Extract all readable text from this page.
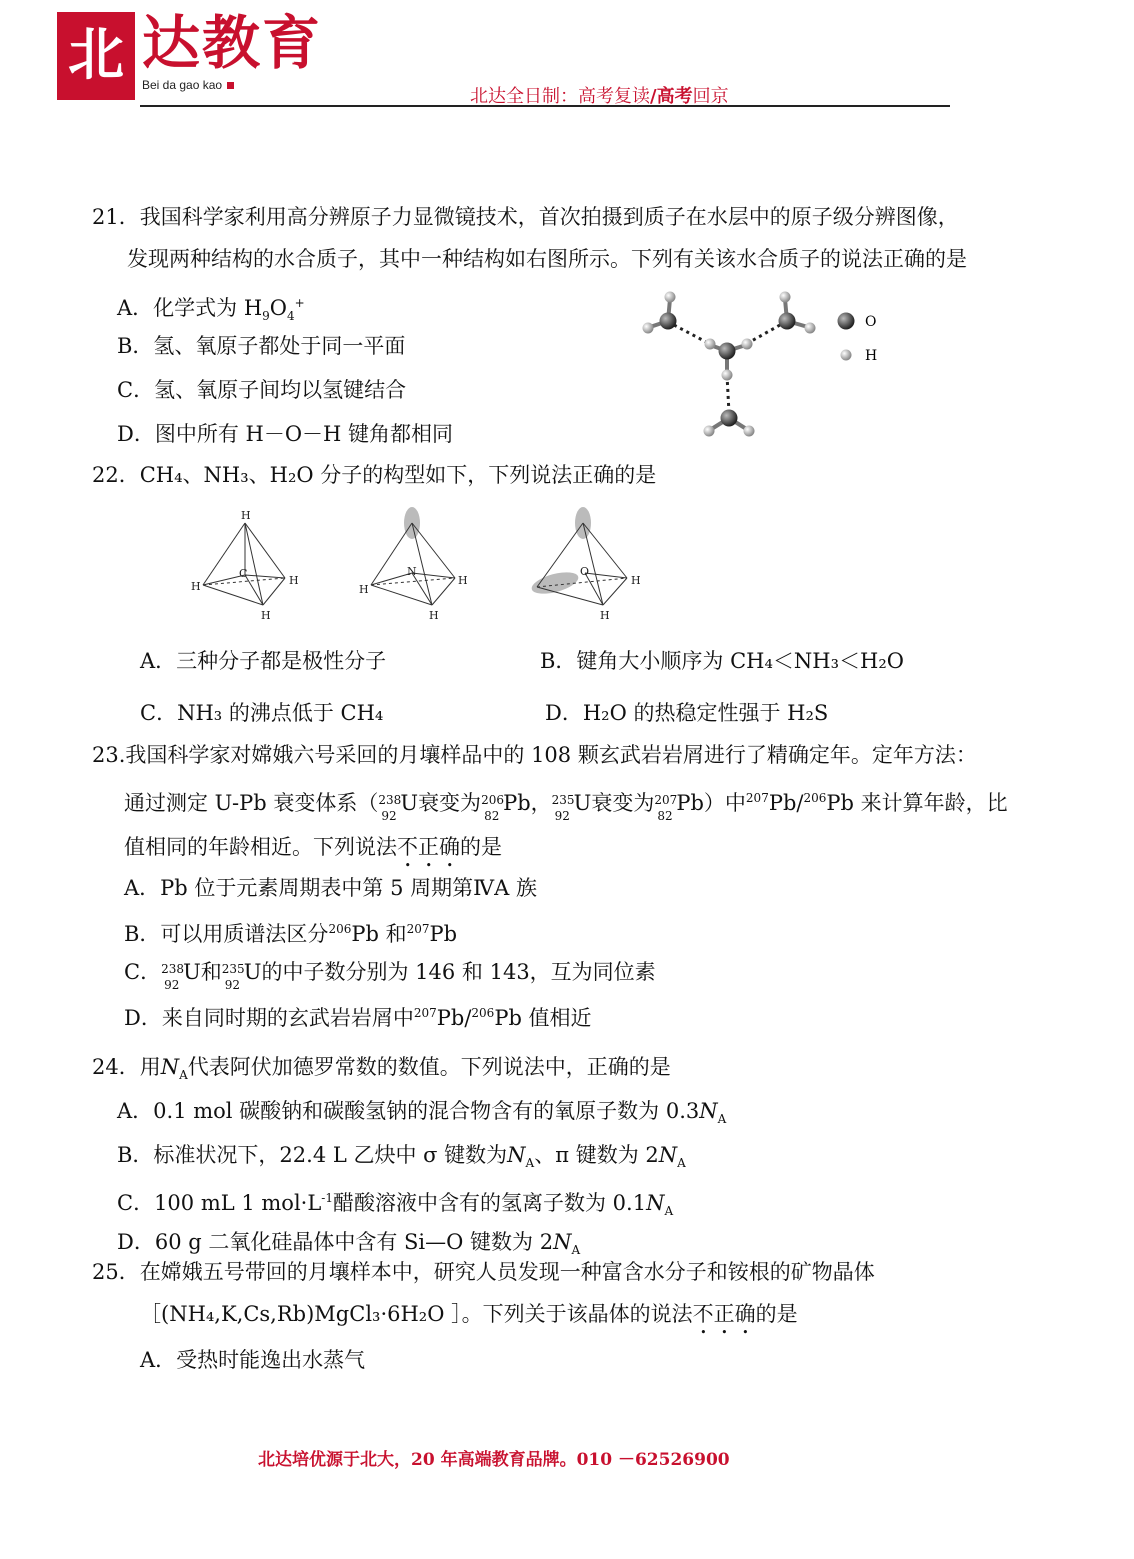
北 达教育
Bei da gao kao
北达全日制：高考复读/高考回京
21．我国科学家利用高分辨原子力显微镜技术，首次拍摄到质子在水层中的原子级分辨图像，
发现两种结构的水合质子，其中一种结构如右图所示。下列有关该水合质子的说法正确的是
A．化学式为 $H_9O_4^+$
B．氢、氧原子都处于同一平面
C．氢、氧原子间均以氢键结合
D．图中所有 H－O－H 键角都相同
O
H
22．CH₄、NH₃、H₂O 分子的构型如下，下列说法正确的是
H
H	H
H
C	N
H
H
H
O
H
H
A．三种分子都是极性分子	B．键角大小顺序为 CH₄＜NH₃＜H₂O
C．NH₃ 的沸点低于 CH₄	D．H₂O 的热稳定性强于 H₂S
23.我国科学家对嫦娥六号采回的月壤样品中的 108 颗玄武岩岩屑进行了精确定年。定年方法：
通过测定 U-Pb 衰变体系（ 238
92
U衰变为 206
82
Pb， 235
92
U衰变为 207
82
Pb）中$^{207}$Pb/$^{206}$Pb 来计算年龄，比
值相同的年龄相近。下列说法不正确的是
A．Pb 位于元素周期表中第 5 周期第ⅣA 族
B．可以用质谱法区分$^{206}$Pb 和$^{207}$Pb
C． 238
92
U和 235
92
U的中子数分别为 146 和 143，互为同位素
D．来自同时期的玄武岩岩屑中$^{207}$Pb/$^{206}$Pb 值相近
24．用$N_A$代表阿伏加德罗常数的数值。下列说法中，正确的是
A．0.1 mol 碳酸钠和碳酸氢钠的混合物含有的氧原子数为 $0.3N_A$
B．标准状况下，22.4 L 乙炔中 σ 键数为$N_A$、π 键数为 $2N_A$
C．100 mL 1 $mol\cdot L^{-1}$醋酸溶液中含有的氢离子数为 $0.1N_A$
D．60 g 二氧化硅晶体中含有 Si—O 键数为 $2N_A$
25．在嫦娥五号带回的月壤样本中，研究人员发现一种富含水分子和铵根的矿物晶体
［(NH₄,K,Cs,Rb)MgCl₃·6H₂O ］。下列关于该晶体的说法不正确的是
A．受热时能逸出水蒸气
北达培优源于北大，20 年高端教育品牌。010 －62526900
